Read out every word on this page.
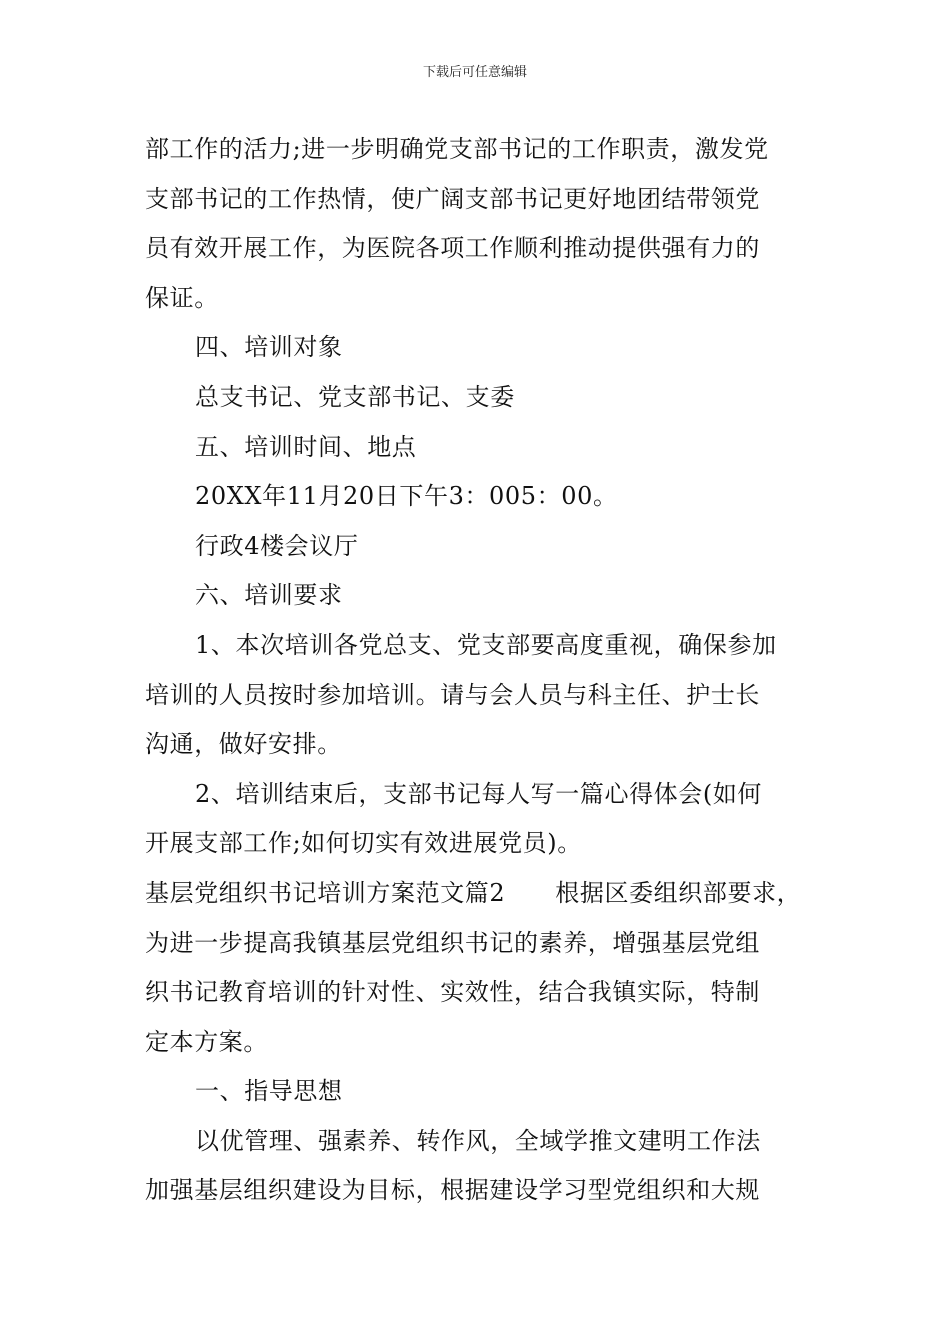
下载后可任意编辑

部工作的活力;进一步明确党支部书记的工作职责，激发党

支部书记的工作热情，使广阔支部书记更好地团结带领党

员有效开展工作，为医院各项工作顺利推动提供强有力的

保证。

四、培训对象

总支书记、党支部书记、支委

五、培训时间、地点

20XX年11月20日下午3：005：00。

行政4楼会议厅

六、培训要求

1、本次培训各党总支、党支部要高度重视，确保参加

培训的人员按时参加培训。请与会人员与科主任、护士长

沟通，做好安排。

2、培训结束后，支部书记每人写一篇心得体会(如何

开展支部工作;如何切实有效进展党员)。

基层党组织书记培训方案范文篇2 根据区委组织部要求，

为进一步提高我镇基层党组织书记的素养，增强基层党组

织书记教育培训的针对性、实效性，结合我镇实际，特制

定本方案。

一、指导思想

以优管理、强素养、转作风，全域学推文建明工作法

加强基层组织建设为目标，根据建设学习型党组织和大规
